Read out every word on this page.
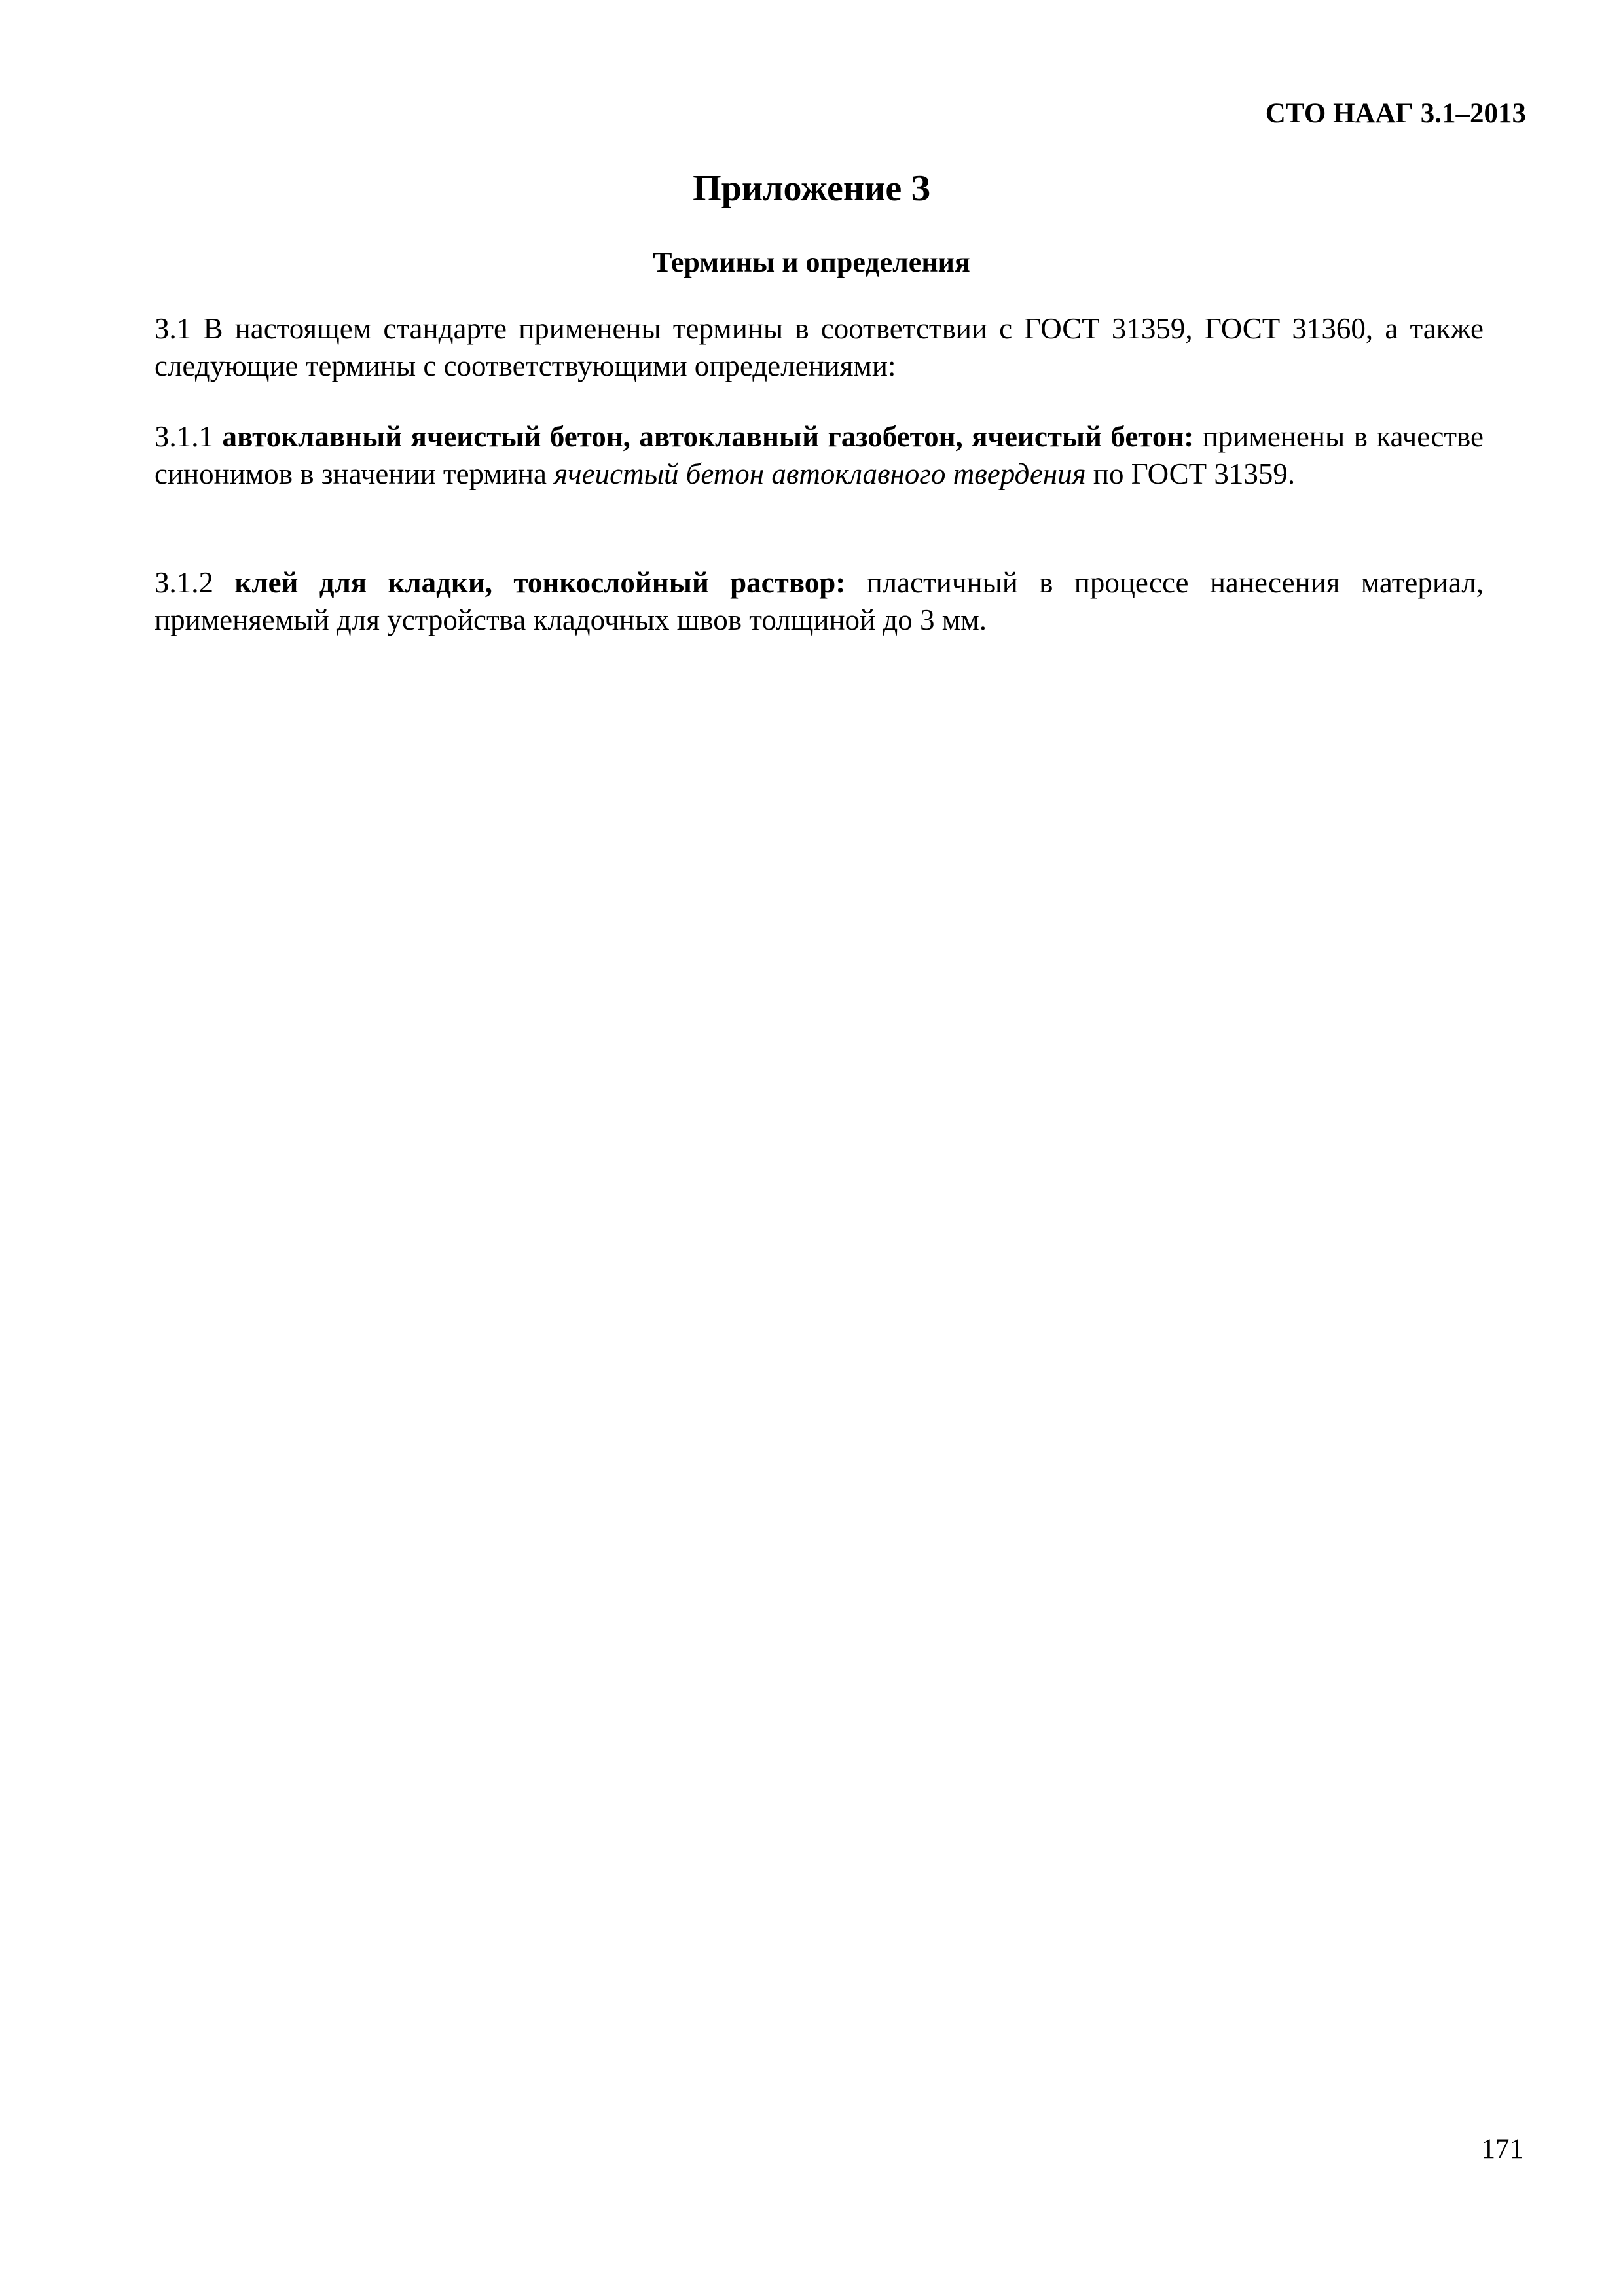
СТО НААГ 3.1–2013
Приложение З
Термины и определения
З.1 В настоящем стандарте применены термины в соответствии с ГОСТ 31359, ГОСТ 31360, а также следующие термины с соответствующими определениями:
З.1.1 автоклавный ячеистый бетон, автоклавный газобетон, ячеистый бетон: применены в качестве синонимов в значении термина ячеистый бетон автоклавного твердения по ГОСТ 31359.
З.1.2 клей для кладки, тонкослойный раствор: пластичный в процессе нанесения материал, применяемый для устройства кладочных швов толщиной до 3 мм.
171
